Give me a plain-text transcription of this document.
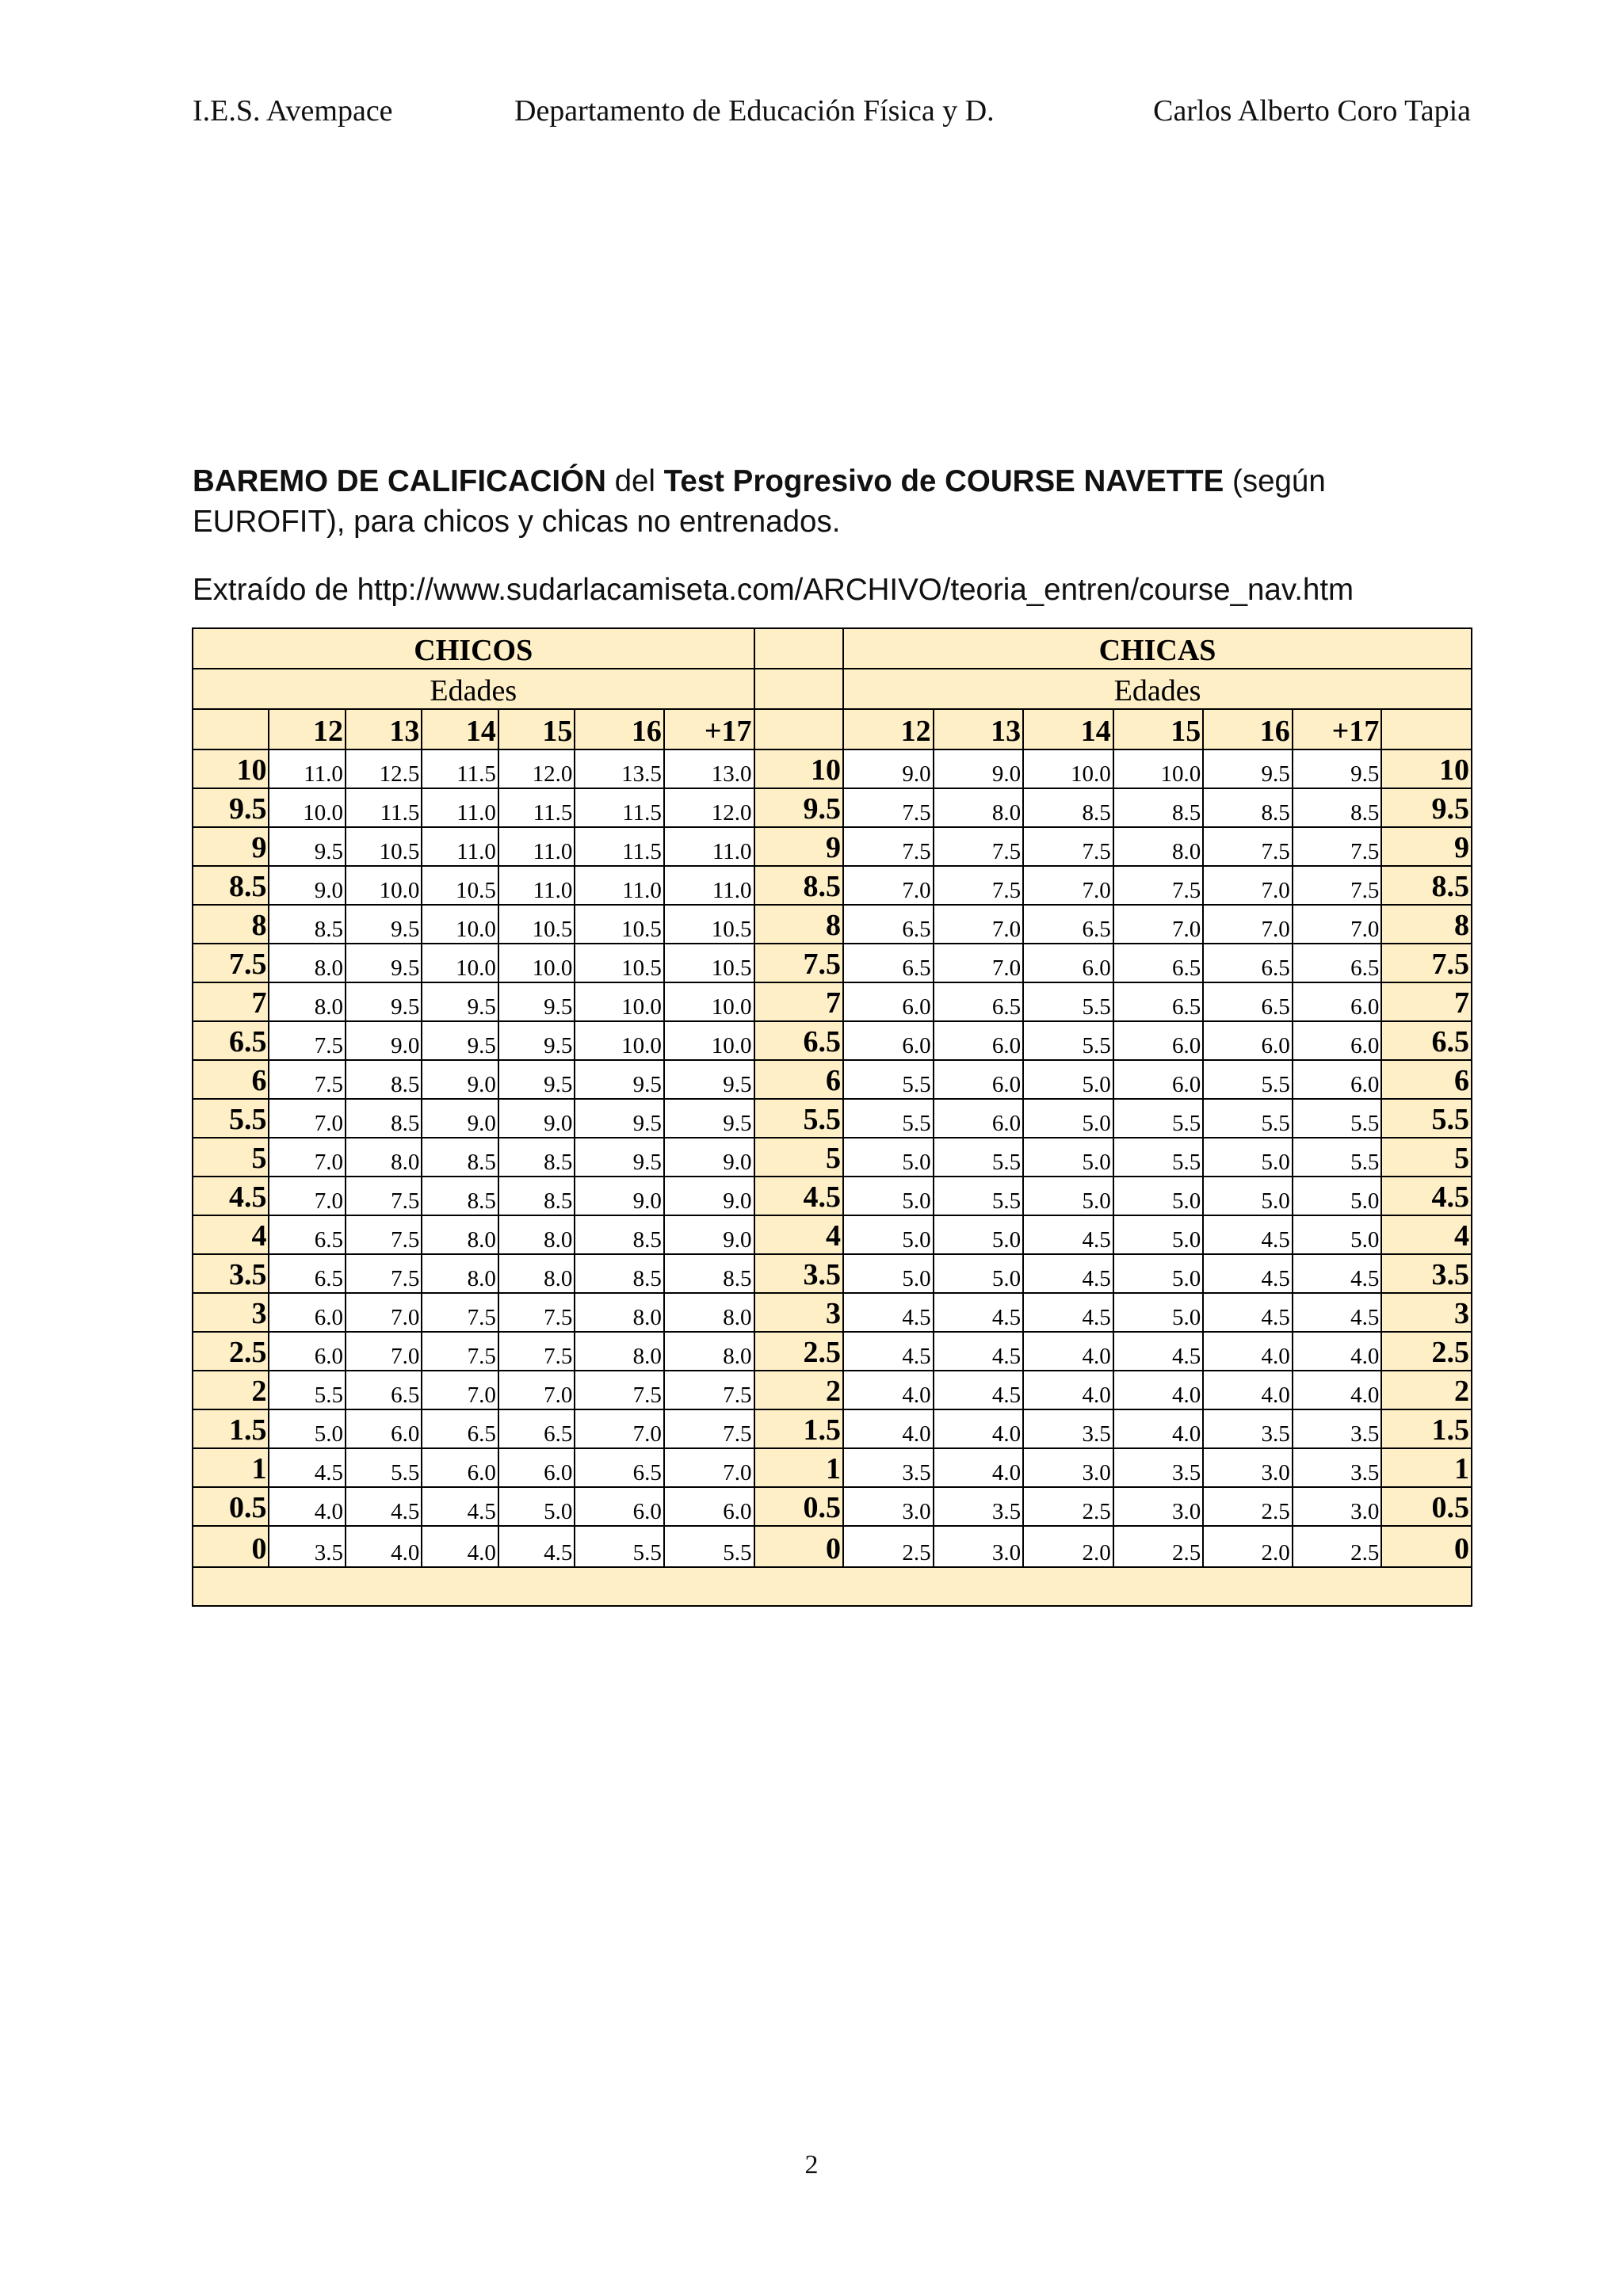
I.E.S. Avempace	Departamento de Educación Física y D.	Carlos Alberto Coro Tapia
BAREMO DE CALIFICACIÓN del Test Progresivo de COURSE NAVETTE (según EUROFIT), para chicos y chicas no entrenados.
Extraído de http://www.sudarlacamiseta.com/ARCHIVO/teoria_entren/course_nav.htm
CHICOS								CHICAS						
Edades								Edades						
	12	13	14	15	16	+17		12	13	14	15	16	+17	
10	11.0	12.5	11.5	12.0	13.5	13.0	10	9.0	9.0	10.0	10.0	9.5	9.5	10
9.5	10.0	11.5	11.0	11.5	11.5	12.0	9.5	7.5	8.0	8.5	8.5	8.5	8.5	9.5
9	9.5	10.5	11.0	11.0	11.5	11.0	9	7.5	7.5	7.5	8.0	7.5	7.5	9
8.5	9.0	10.0	10.5	11.0	11.0	11.0	8.5	7.0	7.5	7.0	7.5	7.0	7.5	8.5
8	8.5	9.5	10.0	10.5	10.5	10.5	8	6.5	7.0	6.5	7.0	7.0	7.0	8
7.5	8.0	9.5	10.0	10.0	10.5	10.5	7.5	6.5	7.0	6.0	6.5	6.5	6.5	7.5
7	8.0	9.5	9.5	9.5	10.0	10.0	7	6.0	6.5	5.5	6.5	6.5	6.0	7
6.5	7.5	9.0	9.5	9.5	10.0	10.0	6.5	6.0	6.0	5.5	6.0	6.0	6.0	6.5
6	7.5	8.5	9.0	9.5	9.5	9.5	6	5.5	6.0	5.0	6.0	5.5	6.0	6
5.5	7.0	8.5	9.0	9.0	9.5	9.5	5.5	5.5	6.0	5.0	5.5	5.5	5.5	5.5
5	7.0	8.0	8.5	8.5	9.5	9.0	5	5.0	5.5	5.0	5.5	5.0	5.5	5
4.5	7.0	7.5	8.5	8.5	9.0	9.0	4.5	5.0	5.5	5.0	5.0	5.0	5.0	4.5
4	6.5	7.5	8.0	8.0	8.5	9.0	4	5.0	5.0	4.5	5.0	4.5	5.0	4
3.5	6.5	7.5	8.0	8.0	8.5	8.5	3.5	5.0	5.0	4.5	5.0	4.5	4.5	3.5
3	6.0	7.0	7.5	7.5	8.0	8.0	3	4.5	4.5	4.5	5.0	4.5	4.5	3
2.5	6.0	7.0	7.5	7.5	8.0	8.0	2.5	4.5	4.5	4.0	4.5	4.0	4.0	2.5
2	5.5	6.5	7.0	7.0	7.5	7.5	2	4.0	4.5	4.0	4.0	4.0	4.0	2
1.5	5.0	6.0	6.5	6.5	7.0	7.5	1.5	4.0	4.0	3.5	4.0	3.5	3.5	1.5
1	4.5	5.5	6.0	6.0	6.5	7.0	1	3.5	4.0	3.0	3.5	3.0	3.5	1
0.5	4.0	4.5	4.5	5.0	6.0	6.0	0.5	3.0	3.5	2.5	3.0	2.5	3.0	0.5
0	3.5	4.0	4.0	4.5	5.5	5.5	0	2.5	3.0	2.0	2.5	2.0	2.5	0

2
